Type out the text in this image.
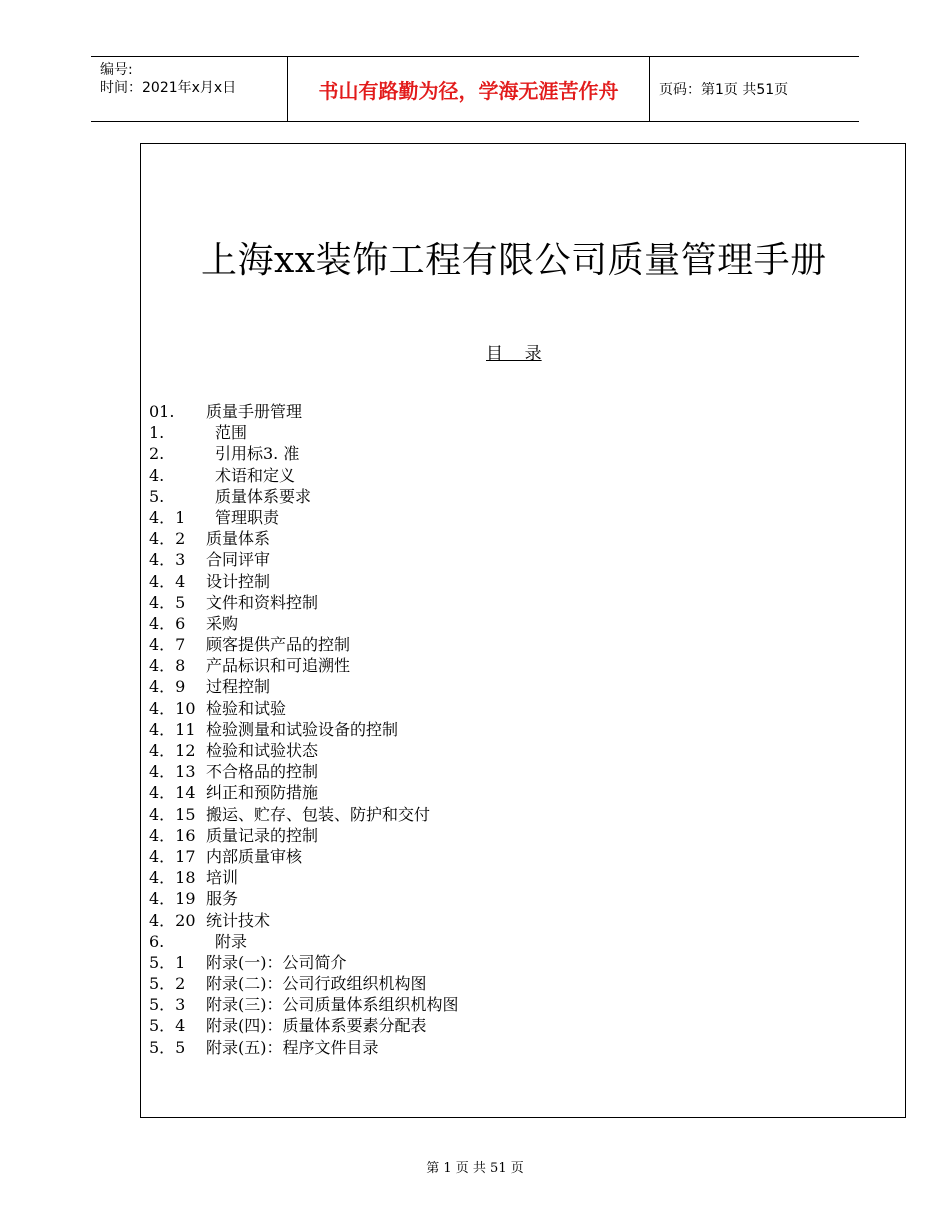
编号:
时间：2021年x月x日	书山有路勤为径，学海无涯苦作舟	页码：第1页 共51页
上海xx装饰工程有限公司质量管理手册
目    录
01.	质量手册管理
1.	范围
2.	引用标3. 准
4.	术语和定义
5.	质量体系要求
4．1	管理职责
4．2	质量体系
4．3	合同评审
4．4	设计控制
4．5	文件和资料控制
4．6	采购
4．7	顾客提供产品的控制
4．8	产品标识和可追溯性
4．9	过程控制
4．10 检验和试验
4．11 检验测量和试验设备的控制
4．12 检验和试验状态
4．13 不合格品的控制
4．14 纠正和预防措施
4．15 搬运、贮存、包装、防护和交付
4．16 质量记录的控制
4．17 内部质量审核
4．18 培训
4．19 服务
4．20 统计技术
6.	附录
5．1	附录(一)：公司简介
5．2	附录(二)：公司行政组织机构图
5．3	附录(三)：公司质量体系组织机构图
5．4	附录(四)：质量体系要素分配表
5．5	附录(五)：程序文件目录
第 1 页 共 51 页
